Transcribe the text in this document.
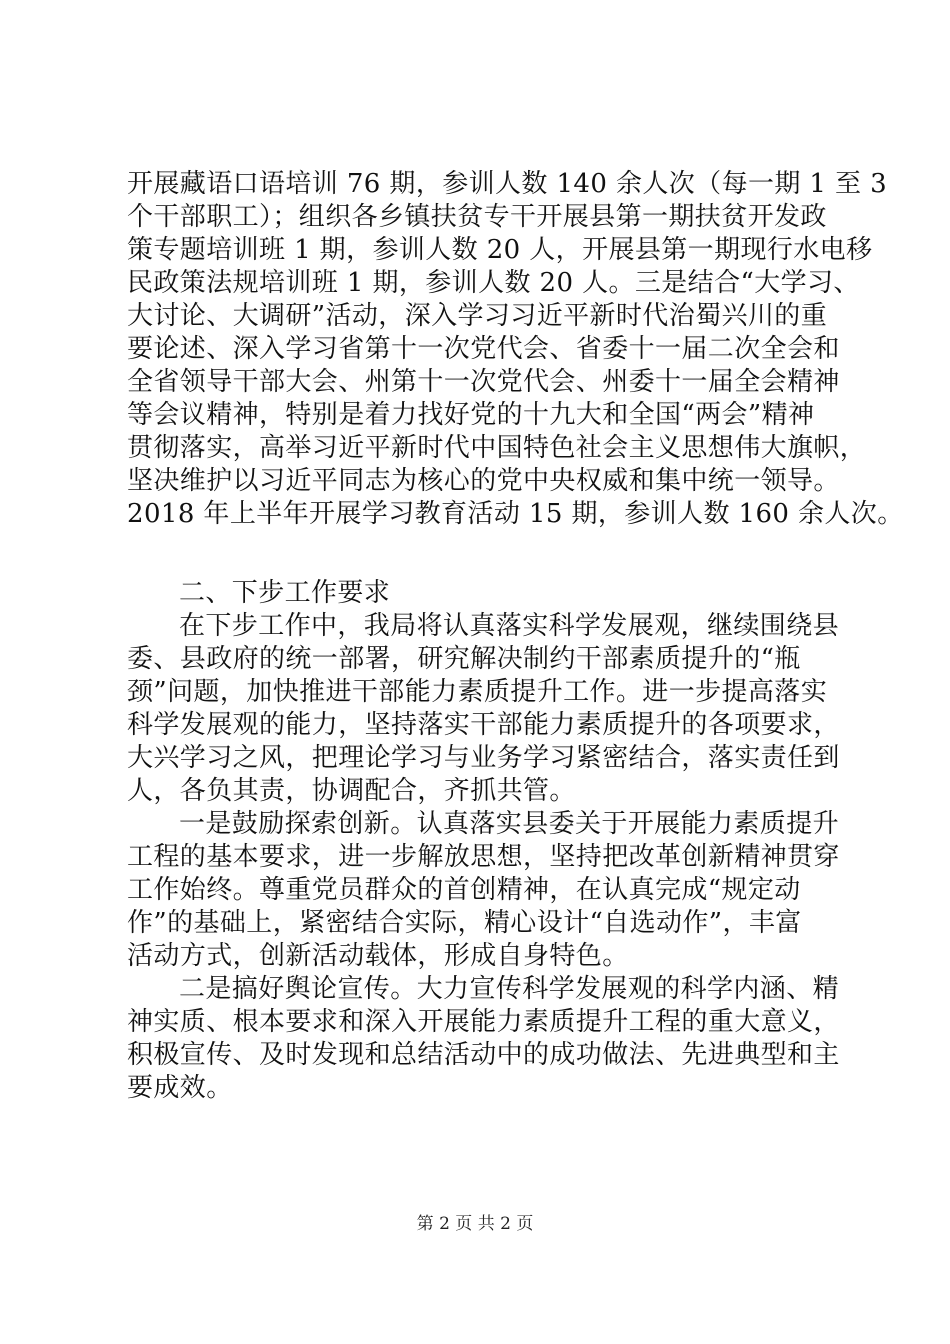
开展藏语口语培训 76 期，参训人数 140 余人次（每一期 1 至 3
个干部职工）；组织各乡镇扶贫专干开展县第一期扶贫开发政
策专题培训班 1 期，参训人数 20 人，开展县第一期现行水电移
民政策法规培训班 1 期，参训人数 20 人。三是结合“大学习、
大讨论、大调研”活动，深入学习习近平新时代治蜀兴川的重
要论述、深入学习省第十一次党代会、省委十一届二次全会和
全省领导干部大会、州第十一次党代会、州委十一届全会精神
等会议精神，特别是着力找好党的十九大和全国“两会”精神
贯彻落实，高举习近平新时代中国特色社会主义思想伟大旗帜，
坚决维护以习近平同志为核心的党中央权威和集中统一领导。
2018 年上半年开展学习教育活动 15 期，参训人数 160 余人次。
二、下步工作要求
在下步工作中，我局将认真落实科学发展观，继续围绕县
委、县政府的统一部署，研究解决制约干部素质提升的“瓶
颈”问题，加快推进干部能力素质提升工作。进一步提高落实
科学发展观的能力，坚持落实干部能力素质提升的各项要求，
大兴学习之风，把理论学习与业务学习紧密结合，落实责任到
人，各负其责，协调配合，齐抓共管。
一是鼓励探索创新。认真落实县委关于开展能力素质提升
工程的基本要求，进一步解放思想，坚持把改革创新精神贯穿
工作始终。尊重党员群众的首创精神，在认真完成“规定动
作”的基础上，紧密结合实际，精心设计“自选动作”，丰富
活动方式，创新活动载体，形成自身特色。
二是搞好舆论宣传。大力宣传科学发展观的科学内涵、精
神实质、根本要求和深入开展能力素质提升工程的重大意义，
积极宣传、及时发现和总结活动中的成功做法、先进典型和主
要成效。
第 2 页 共 2 页
